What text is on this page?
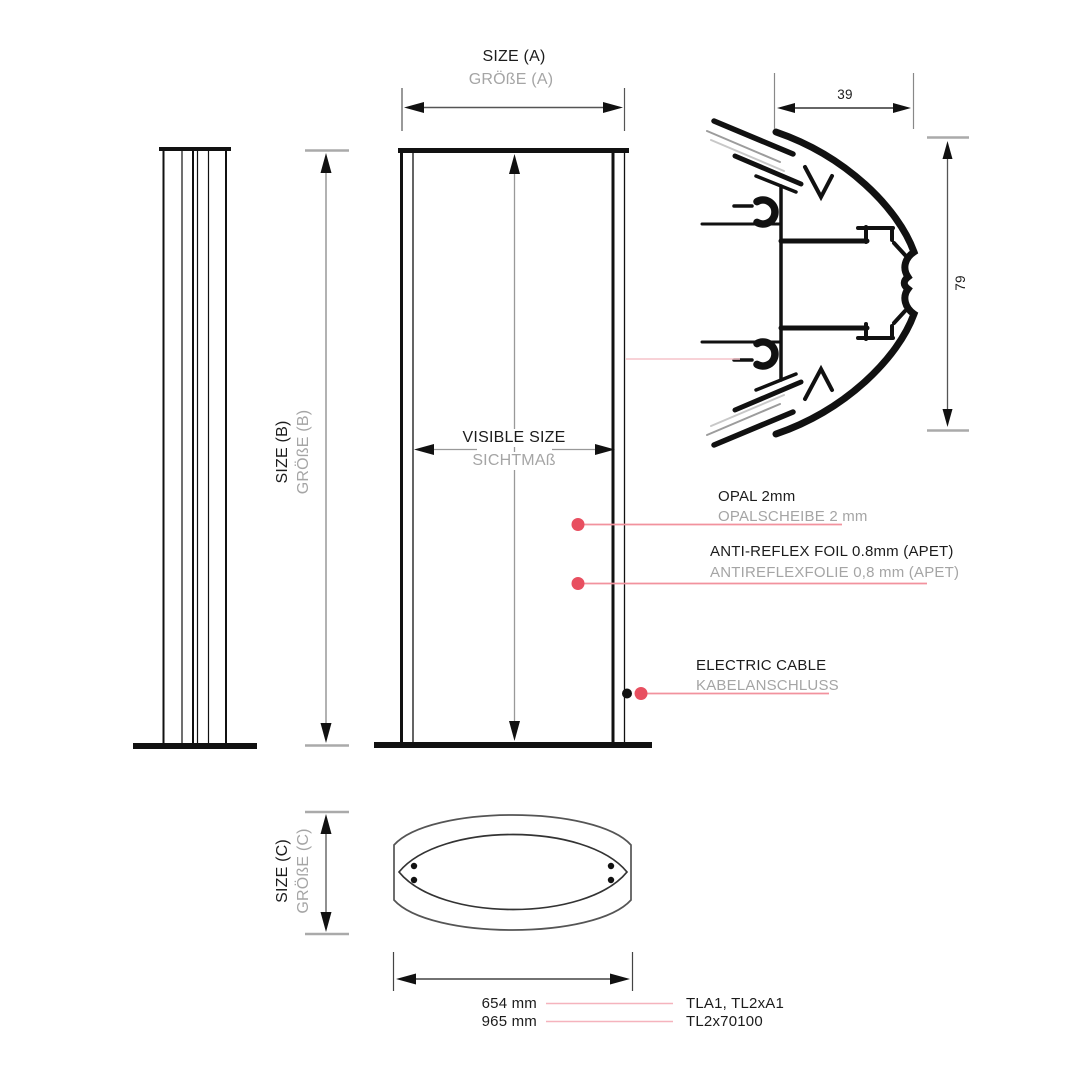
SIZE (A)
GRÖßE (A)
SIZE (B) GRÖßE (B)	VISIBLE SIZE
SICHTMAß
39
79
OPAL 2mm
OPALSCHEIBE 2 mm
ANTI-REFLEX FOIL 0.8mm (APET)
ANTIREFLEXFOLIE 0,8 mm (APET)
ELECTRIC CABLE
KABELANSCHLUSS
SIZE (C) GRÖßE (C)
654 mm	TLA1, TL2xA1
965 mm	TL2x70100
